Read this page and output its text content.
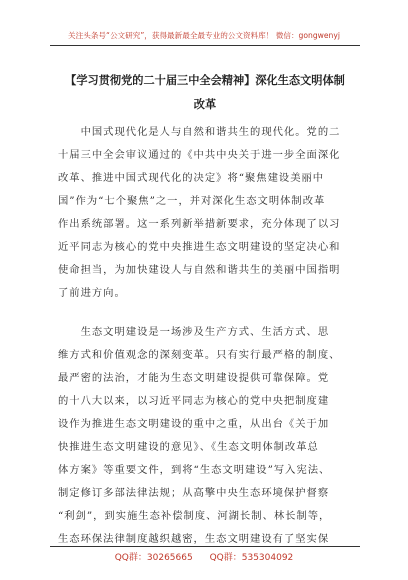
关注头条号“公文研究”，获得最新最全最专业的公文资料库！ 微信：gongwenyj
【学习贯彻党的二十届三中全会精神】深化生态文明体制
改革

　　中国式现代化是人与自然和谐共生的现代化。党的二
十届三中全会审议通过的《中共中央关于进一步全面深化
改革、推进中国式现代化的决定》将“聚焦建设美丽中
国”作为“七个聚焦”之一，并对深化生态文明体制改革
作出系统部署。这一系列新举措新要求，充分体现了以习
近平同志为核心的党中央推进生态文明建设的坚定决心和
使命担当，为加快建设人与自然和谐共生的美丽中国指明
了前进方向。

　　生态文明建设是一场涉及生产方式、生活方式、思
维方式和价值观念的深刻变革。只有实行最严格的制度、
最严密的法治，才能为生态文明建设提供可靠保障。党
的十八大以来，以习近平同志为核心的党中央把制度建
设作为推进生态文明建设的重中之重，从出台《关于加
快推进生态文明建设的意见》、《生态文明体制改革总
体方案》等重要文件，到将“生态文明建设”写入宪法、
制定修订多部法律法规；从高擎中央生态环境保护督察
“利剑”，到实施生态补偿制度、河湖长制、林长制等，
生态环保法律制度越织越密，生态文明建设有了坚实保

QQ群：30265665 QQ群：535304092
